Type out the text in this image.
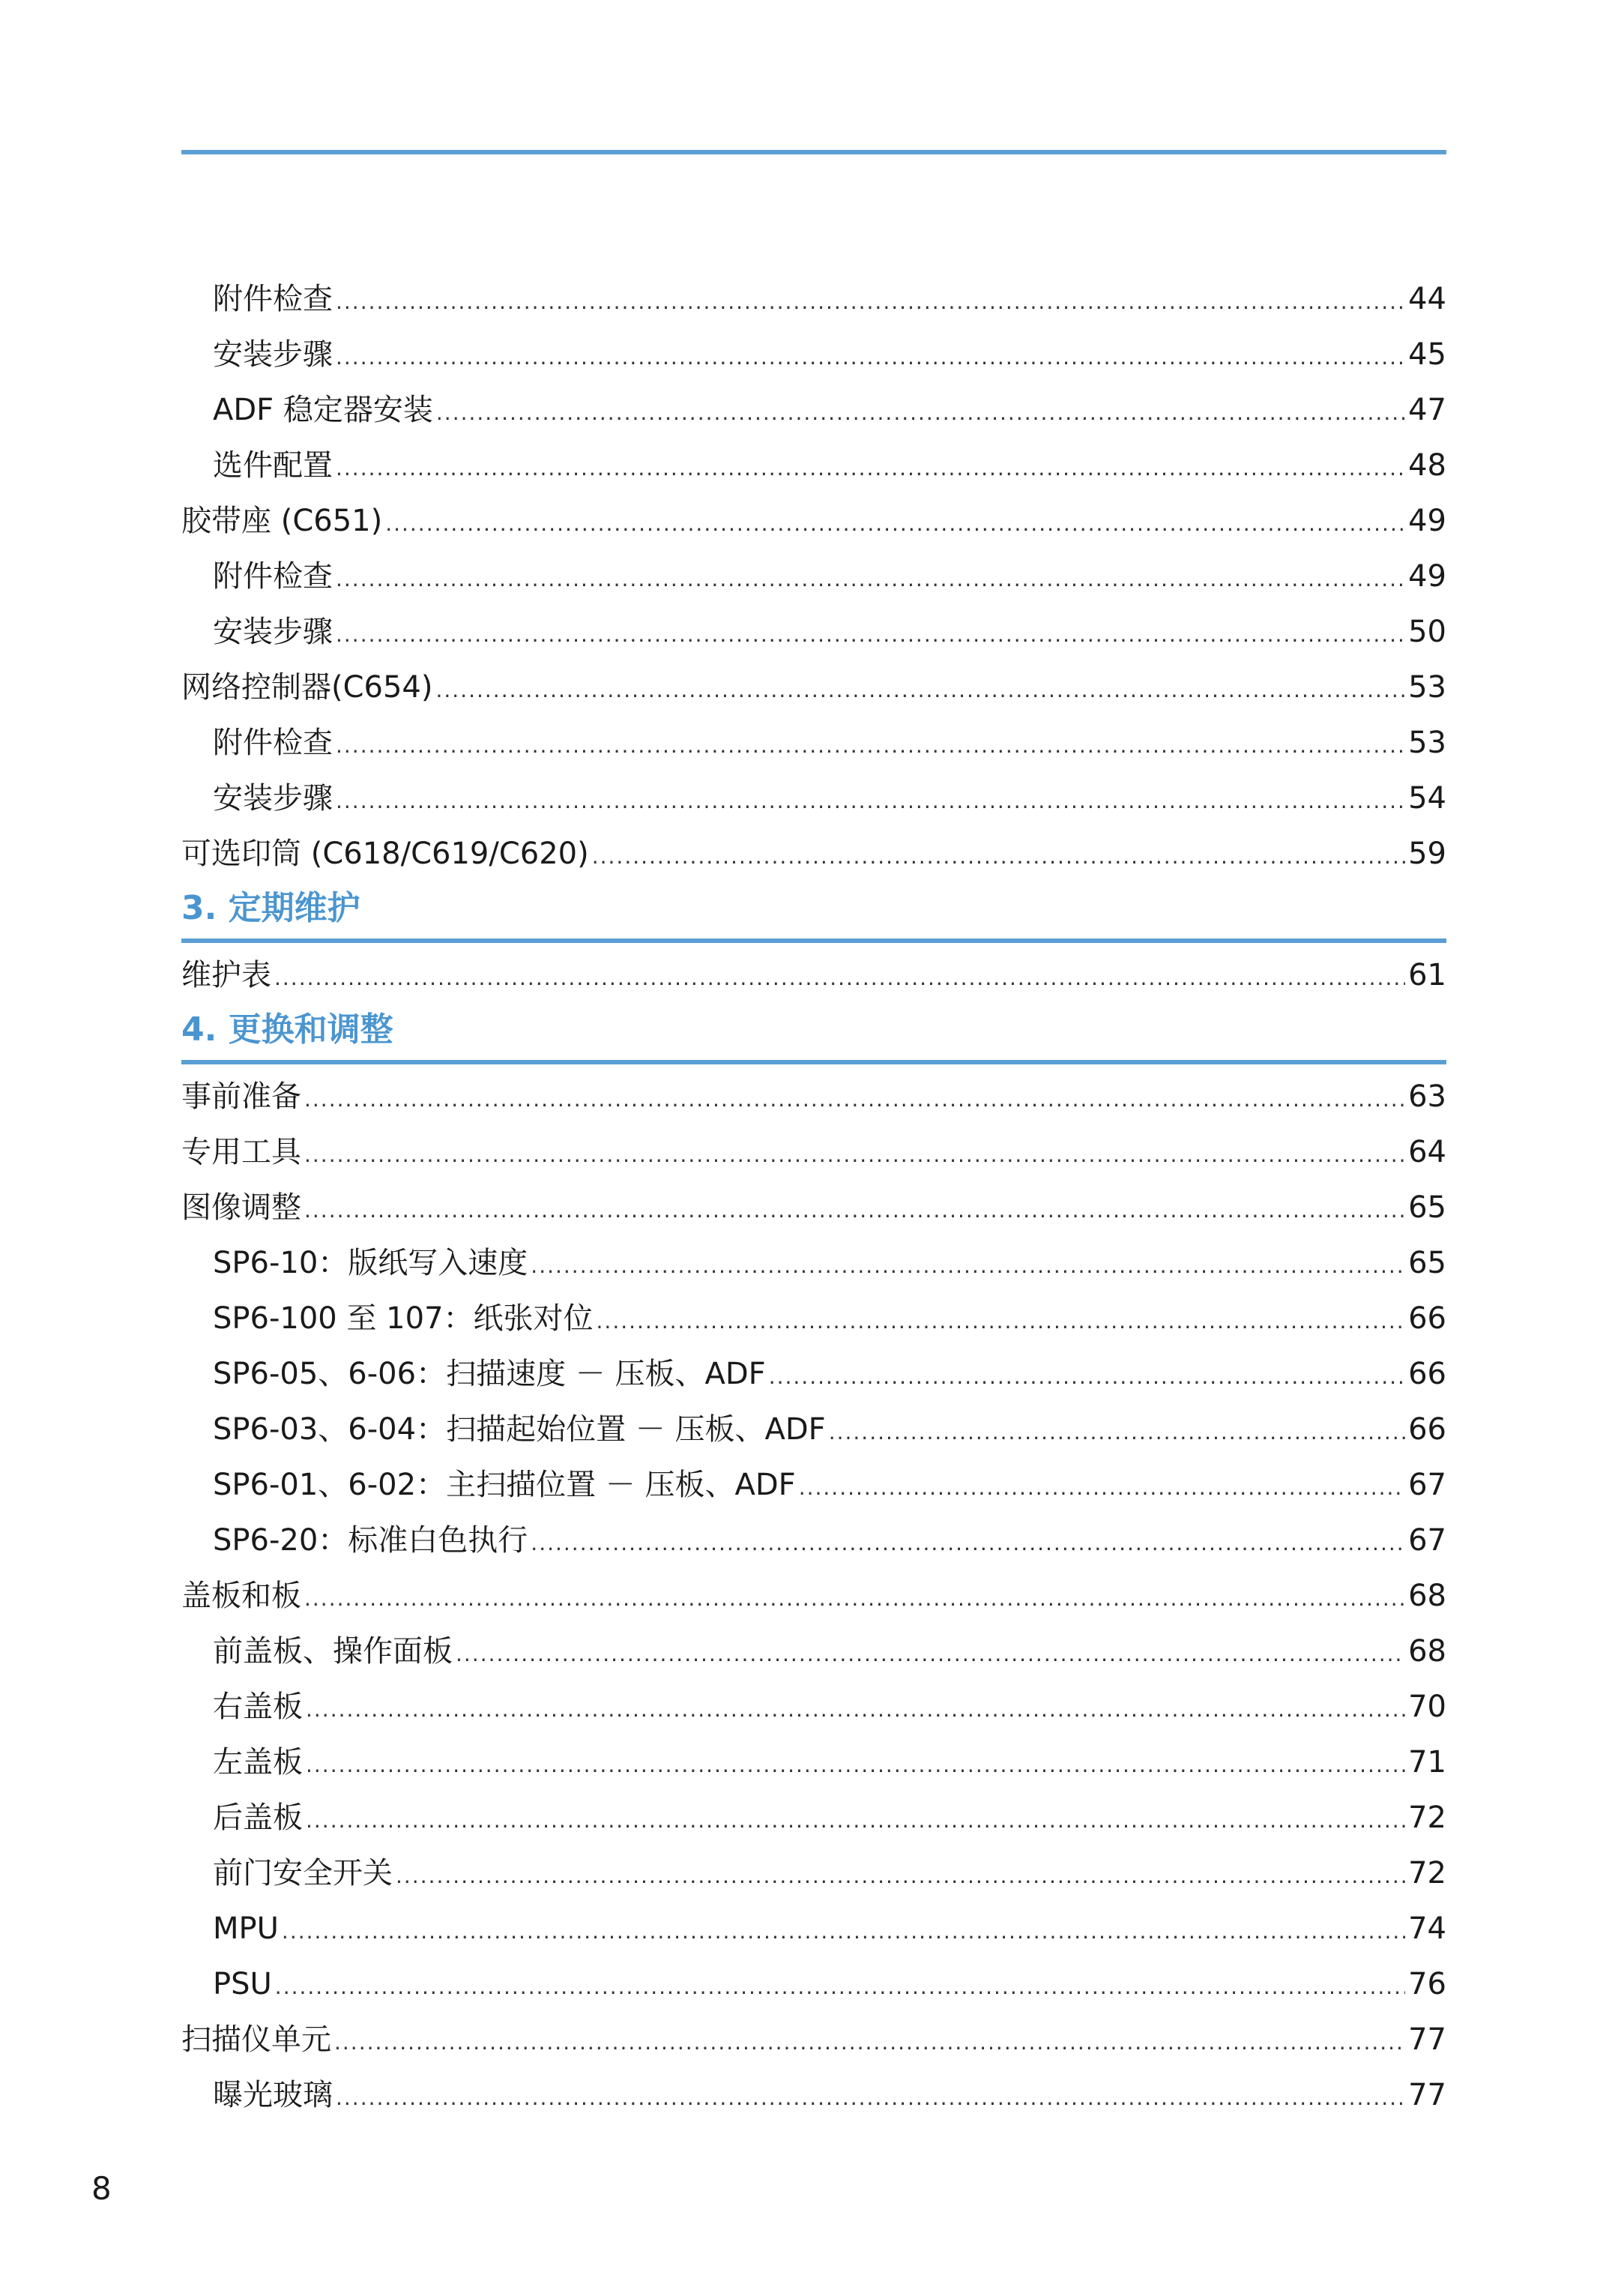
附件检查 .....	44
安装步骤 .....	45
ADF 稳定器安装 .....	47
选件配置 .....	48
胶带座 (C651) .....	49
附件检查 .....	49
安装步骤 .....	50
网络控制器(C654) .....	53
附件检查 .....	53
安装步骤 .....	54
可选印筒 (C618/C619/C620) .....	59
3. 定期维护
维护表 .....	61
4. 更换和调整
事前准备 .....	63
专用工具 .....	64
图像调整 .....	65
SP6-10：版纸写入速度 .....	65
SP6-100 至 107：纸张对位 .....	66
SP6-05、6-06：扫描速度 － 压板、ADF .....	66
SP6-03、6-04：扫描起始位置 － 压板、ADF .....	66
SP6-01、6-02：主扫描位置 － 压板、ADF .....	67
SP6-20：标准白色执行 .....	67
盖板和板 .....	68
前盖板、操作面板 .....	68
右盖板 .....	70
左盖板 .....	71
后盖板 .....	72
前门安全开关 .....	72
MPU .....	74
PSU .....	76
扫描仪单元 .....	77
曝光玻璃 .....	77
8
